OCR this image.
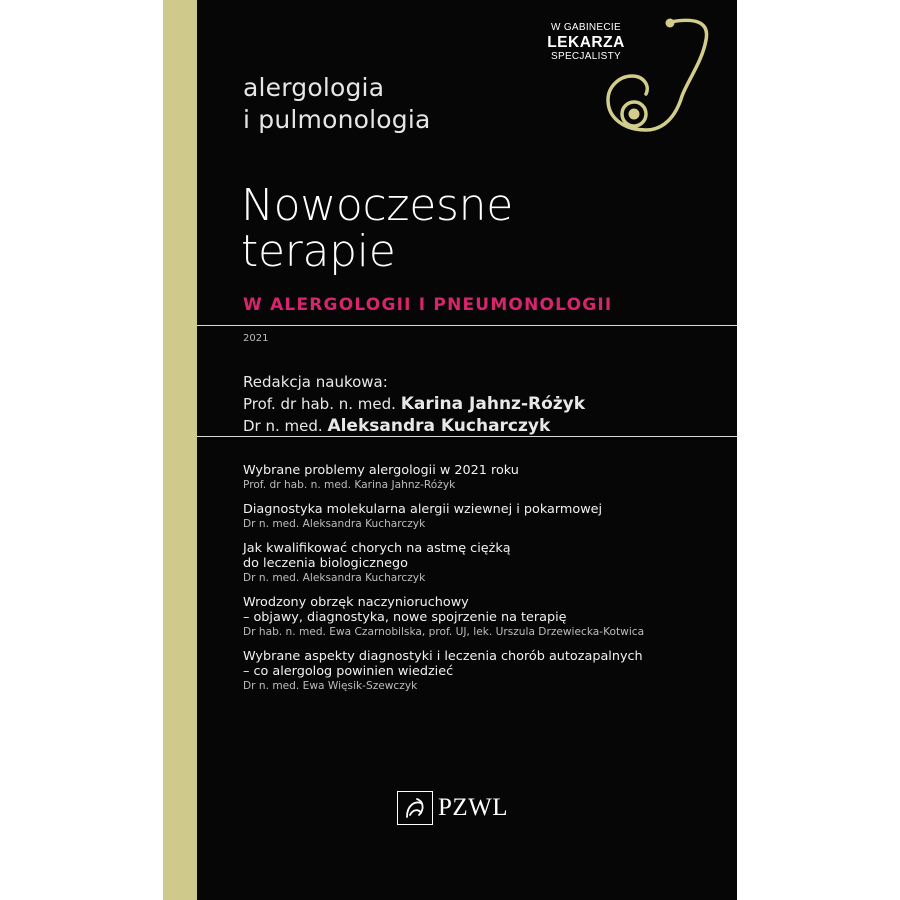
alergologia
i pulmonologia
W GABINECIE
LEKARZA
SPECJALISTY
Nowoczesne
terapie
W ALERGOLOGII I PNEUMONOLOGII
2021
Redakcja naukowa:
Prof. dr hab. n. med. Karina Jahnz-Różyk
Dr n. med. Aleksandra Kucharczyk
Wybrane problemy alergologii w 2021 roku
Prof. dr hab. n. med. Karina Jahnz-Różyk
Diagnostyka molekularna alergii wziewnej i pokarmowej
Dr n. med. Aleksandra Kucharczyk
Jak kwalifikować chorych na astmę ciężką
do leczenia biologicznego
Dr n. med. Aleksandra Kucharczyk
Wrodzony obrzęk naczynioruchowy
– objawy, diagnostyka, nowe spojrzenie na terapię
Dr hab. n. med. Ewa Czarnobilska, prof. UJ, lek. Urszula Drzewiecka-Kotwica
Wybrane aspekty diagnostyki i leczenia chorób autozapalnych
– co alergolog powinien wiedzieć
Dr n. med. Ewa Więsik-Szewczyk
PZWL
